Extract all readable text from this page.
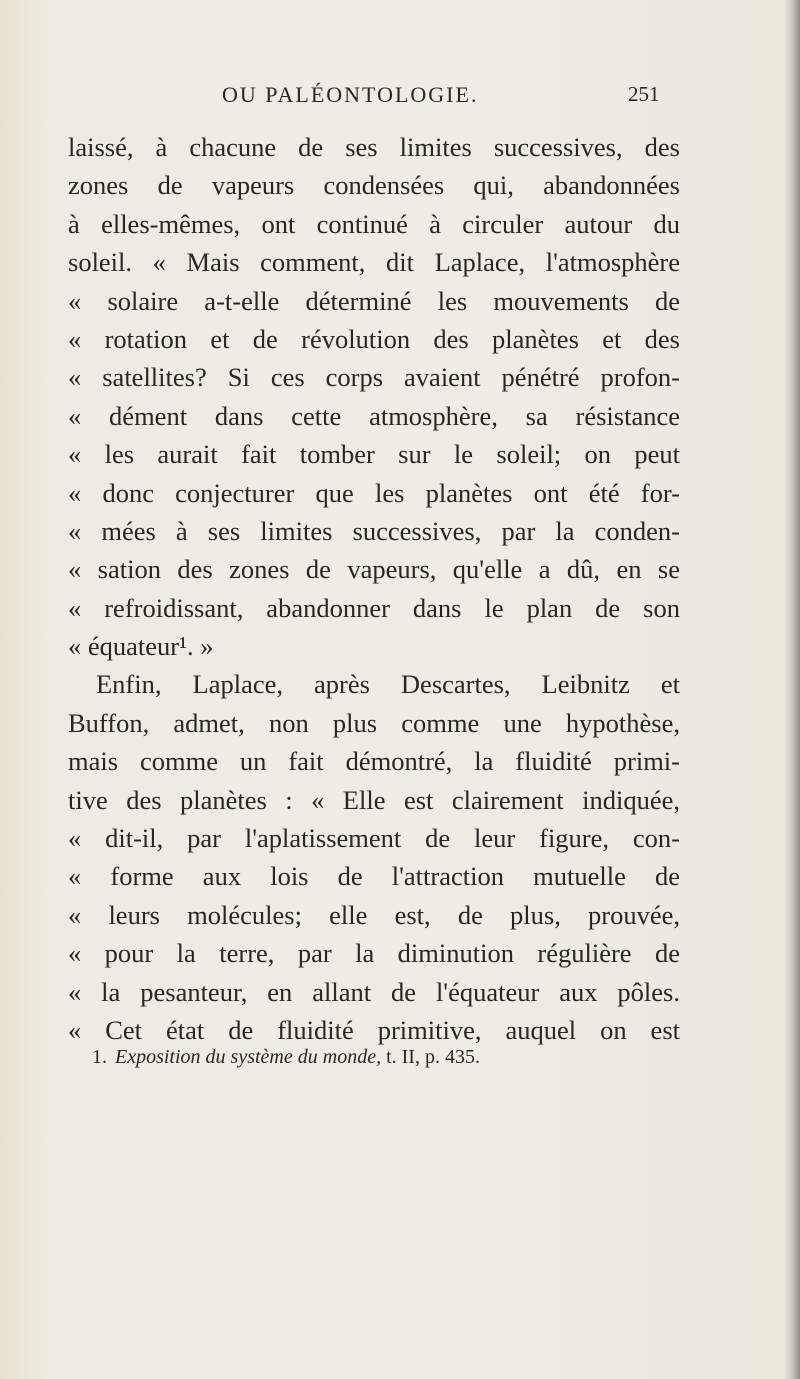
OU PALÉONTOLOGIE.	251
laissé, à chacune de ses limites successives, des
zones de vapeurs condensées qui, abandonnées
à elles-mêmes, ont continué à circuler autour du
soleil. « Mais comment, dit Laplace, l'atmosphère
« solaire a-t-elle déterminé les mouvements de
« rotation et de révolution des planètes et des
« satellites? Si ces corps avaient pénétré profon-
« dément dans cette atmosphère, sa résistance
« les aurait fait tomber sur le soleil; on peut
« donc conjecturer que les planètes ont été for-
« mées à ses limites successives, par la conden-
« sation des zones de vapeurs, qu'elle a dû, en se
« refroidissant, abandonner dans le plan de son
« équateur¹. »
Enfin, Laplace, après Descartes, Leibnitz et
Buffon, admet, non plus comme une hypothèse,
mais comme un fait démontré, la fluidité primi-
tive des planètes : « Elle est clairement indiquée,
« dit-il, par l'aplatissement de leur figure, con-
« forme aux lois de l'attraction mutuelle de
« leurs molécules; elle est, de plus, prouvée,
« pour la terre, par la diminution régulière de
« la pesanteur, en allant de l'équateur aux pôles.
« Cet état de fluidité primitive, auquel on est
1. Exposition du système du monde, t. II, p. 435.
